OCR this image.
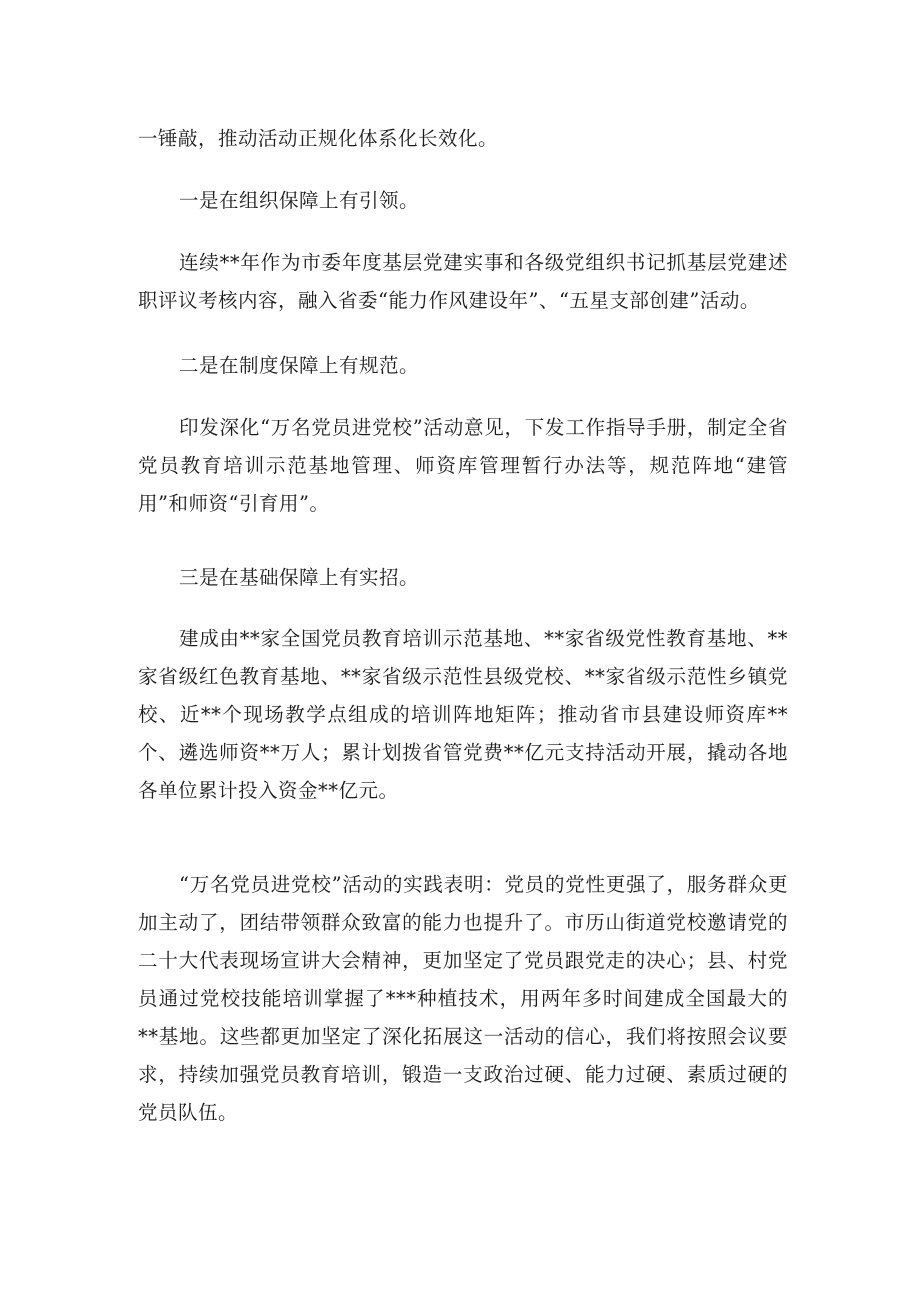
一锤敲，推动活动正规化体系化长效化。

一是在组织保障上有引领。

连续**年作为市委年度基层党建实事和各级党组织书记抓基层党建述职评议考核内容，融入省委“能力作风建设年”、“五星支部创建”活动。

二是在制度保障上有规范。

印发深化“万名党员进党校”活动意见，下发工作指导手册，制定全省党员教育培训示范基地管理、师资库管理暂行办法等，规范阵地“建管用”和师资“引育用”。

三是在基础保障上有实招。

建成由**家全国党员教育培训示范基地、**家省级党性教育基地、**家省级红色教育基地、**家省级示范性县级党校、**家省级示范性乡镇党校、近**个现场教学点组成的培训阵地矩阵；推动省市县建设师资库**个、遴选师资**万人；累计划拨省管党费**亿元支持活动开展，撬动各地各单位累计投入资金**亿元。

“万名党员进党校”活动的实践表明：党员的党性更强了，服务群众更加主动了，团结带领群众致富的能力也提升了。市历山街道党校邀请党的二十大代表现场宣讲大会精神，更加坚定了党员跟党走的决心；县、村党员通过党校技能培训掌握了***种植技术，用两年多时间建成全国最大的**基地。这些都更加坚定了深化拓展这一活动的信心，我们将按照会议要求，持续加强党员教育培训，锻造一支政治过硬、能力过硬、素质过硬的党员队伍。
